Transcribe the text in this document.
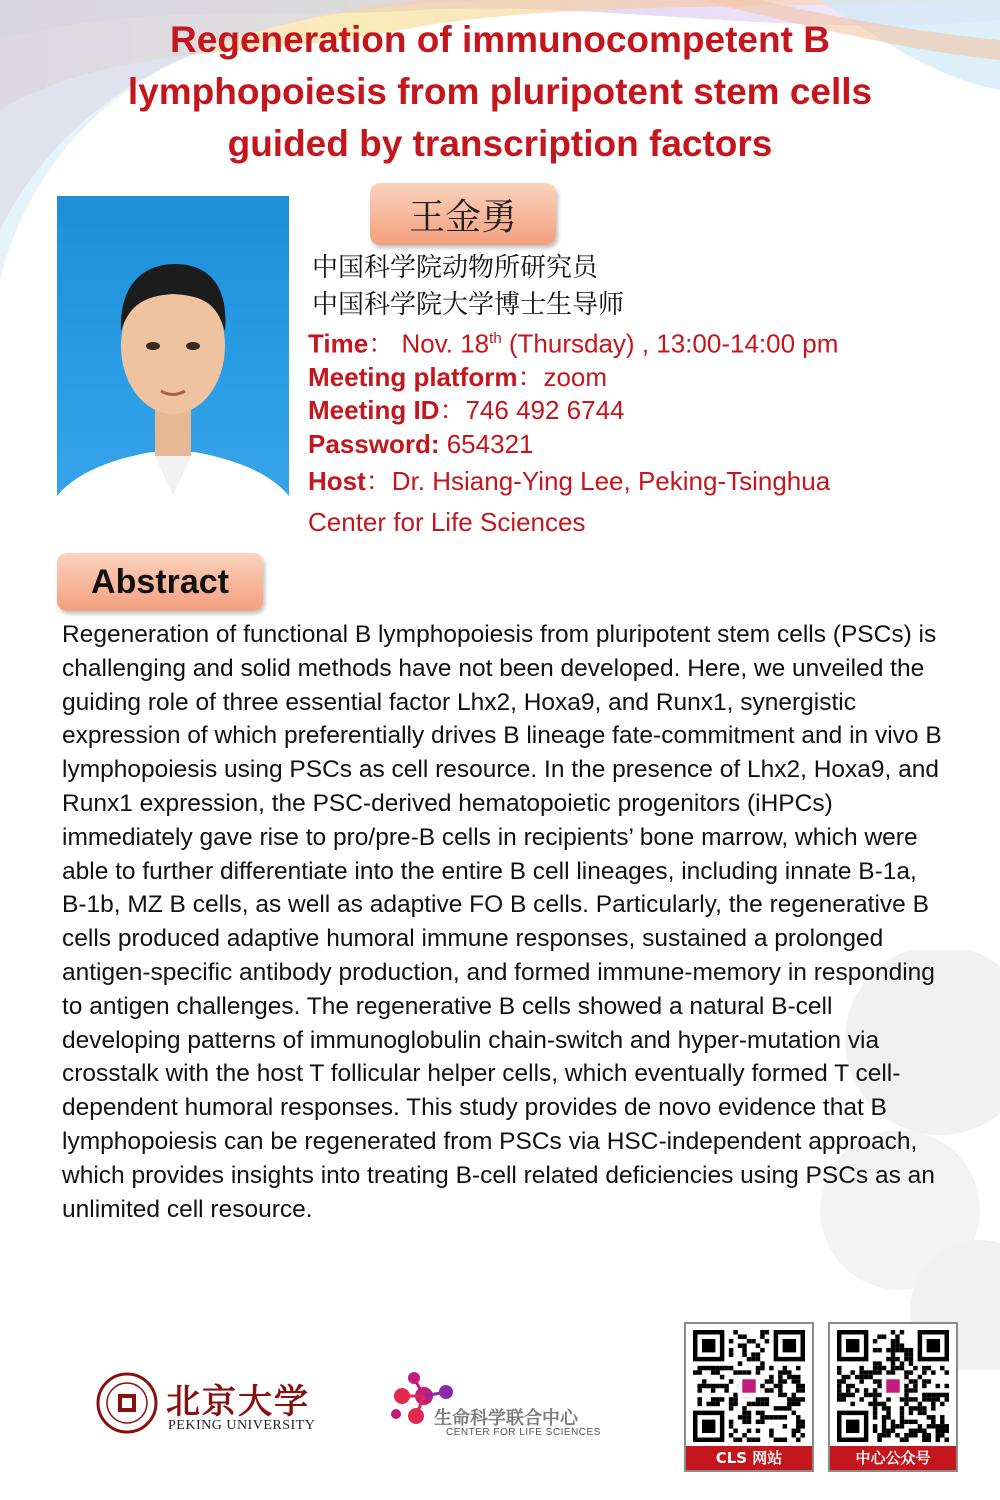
Regeneration of immunocompetent B
lymphopoiesis from pluripotent stem cells
guided by transcription factors
王金勇
中国科学院动物所研究员
中国科学院大学博士生导师
Time： Nov. 18th (Thursday) , 13:00-14:00 pm
Meeting platform：zoom
Meeting ID：746 492 6744
Password: 654321
Host：Dr. Hsiang-Ying Lee, Peking-Tsinghua
Center for Life Sciences
Abstract

Regeneration of functional B lymphopoiesis from pluripotent stem cells (PSCs) is challenging and solid methods have not been developed. Here, we unveiled the guiding role of three essential factor Lhx2, Hoxa9, and Runx1, synergistic expression of which preferentially drives B lineage fate-commitment and in vivo B lymphopoiesis using PSCs as cell resource. In the presence of Lhx2, Hoxa9, and Runx1 expression, the PSC-derived hematopoietic progenitors (iHPCs) immediately gave rise to pro/pre-B cells in recipients’ bone marrow, which were able to further differentiate into the entire B cell lineages, including innate B-1a, B-1b, MZ B cells, as well as adaptive FO B cells. Particularly, the regenerative B cells produced adaptive humoral immune responses, sustained a prolonged antigen-specific antibody production, and formed immune-memory in responding to antigen challenges. The regenerative B cells showed a natural B-cell developing patterns of immunoglobulin chain-switch and hyper-mutation via crosstalk with the host T follicular helper cells, which eventually formed T cell-dependent humoral responses. This study provides de novo evidence that B lymphopoiesis can be regenerated from PSCs via HSC-independent approach, which provides insights into treating B-cell related deficiencies using PSCs as an unlimited cell resource.

北京大学
PEKING UNIVERSITY	生命科学联合中心
CENTER FOR LIFE SCIENCES
CLS 网站	中心公众号
